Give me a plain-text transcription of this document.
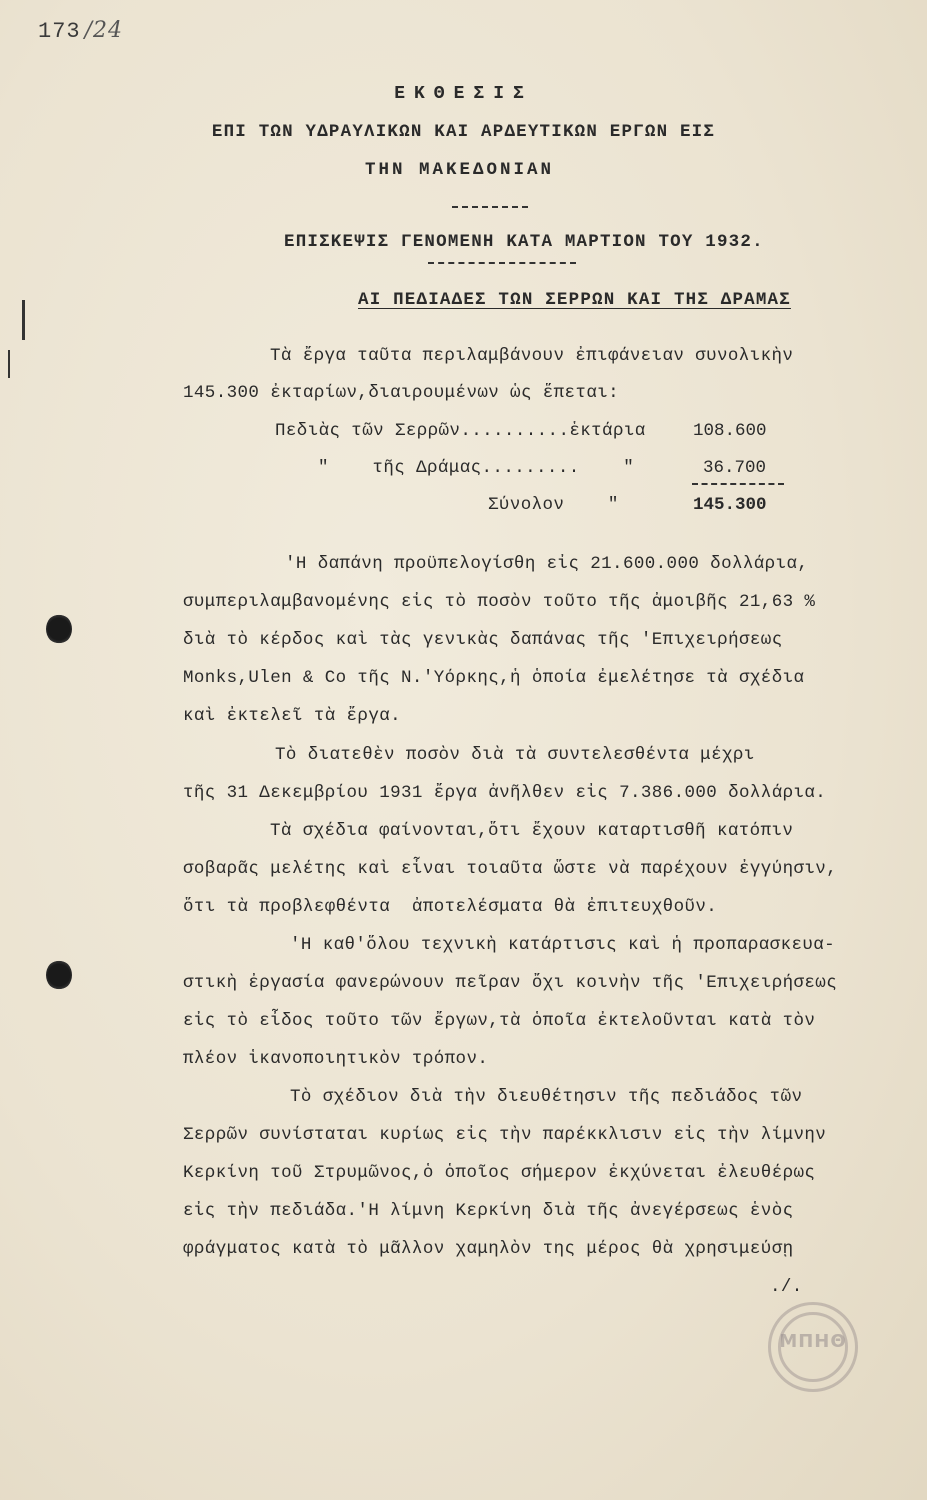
173 /24
ΕΚΘΕΣΙΣ
ΕΠΙ ΤΩΝ ΥΔΡΑΥΛΙΚΩΝ ΚΑΙ ΑΡΔΕΥΤΙΚΩΝ ΕΡΓΩΝ ΕΙΣ
ΤΗΝ ΜΑΚΕΔΟΝΙΑΝ
ΕΠΙΣΚΕΨΙΣ ΓΕΝΟΜΕΝΗ ΚΑΤΑ ΜΑΡΤΙΟΝ ΤΟΥ 1932.
ΑΙ ΠΕΔΙΑΔΕΣ ΤΩΝ ΣΕΡΡΩΝ ΚΑΙ ΤΗΣ ΔΡΑΜΑΣ
Τὰ ἔργα ταῦτα περιλαμβάνουν ἐπιφάνειαν συνολικὴν
145.300 ἐκταρίων,διαιρουμένων ὡς ἕπεται:
Πεδιὰς τῶν Σερρῶν..........ἑκτάρια	108.600
"    τῆς Δράμας.........    "	36.700
Σύνολον    "	145.300
'Η δαπάνη προϋπελογίσθη εἰς 21.600.000 δολλάρια,
συμπεριλαμβανομένης εἰς τὸ ποσὸν τοῦτο τῆς ἀμοιβῆς 21,63 %
διὰ τὸ κέρδος καὶ τὰς γενικὰς δαπάνας τῆς 'Επιχειρήσεως
Monks,Ulen & Co τῆς Ν.'Υόρκης,ἡ ὁποία ἐμελέτησε τὰ σχέδια
καὶ ἐκτελεῖ τὰ ἔργα.
Τὸ διατεθὲν ποσὸν διὰ τὰ συντελεσθέντα μέχρι
τῆς 31 Δεκεμβρίου 1931 ἔργα ἀνῆλθεν εἰς 7.386.000 δολλάρια.
Τὰ σχέδια φαίνονται,ὅτι ἔχουν καταρτισθῆ κατόπιν
σοβαρᾶς μελέτης καὶ εἶναι τοιαῦτα ὥστε νὰ παρέχουν ἐγγύησιν,
ὅτι τὰ προβλεφθέντα  ἀποτελέσματα θὰ ἐπιτευχθοῦν.
'Η καθ'ὅλου τεχνικὴ κατάρτισις καὶ ἡ προπαρασκευα-
στικὴ ἐργασία φανερώνουν πεῖραν ὄχι κοινὴν τῆς 'Επιχειρήσεως
εἰς τὸ εἶδος τοῦτο τῶν ἔργων,τὰ ὁποῖα ἐκτελοῦνται κατὰ τὸν
πλέον ἱκανοποιητικὸν τρόπον.
Τὸ σχέδιον διὰ τὴν διευθέτησιν τῆς πεδιάδος τῶν
Σερρῶν συνίσταται κυρίως εἰς τὴν παρέκκλισιν εἰς τὴν λίμνην
Κερκίνη τοῦ Στρυμῶνος,ὁ ὁποῖος σήμερον ἐκχύνεται ἐλευθέρως
εἰς τὴν πεδιάδα.'Η λίμνη Κερκίνη διὰ τῆς ἀνεγέρσεως ἑνὸς
φράγματος κατὰ τὸ μᾶλλον χαμηλὸν της μέρος θὰ χρησιμεύσῃ
./.
ΜΠΗΘ
